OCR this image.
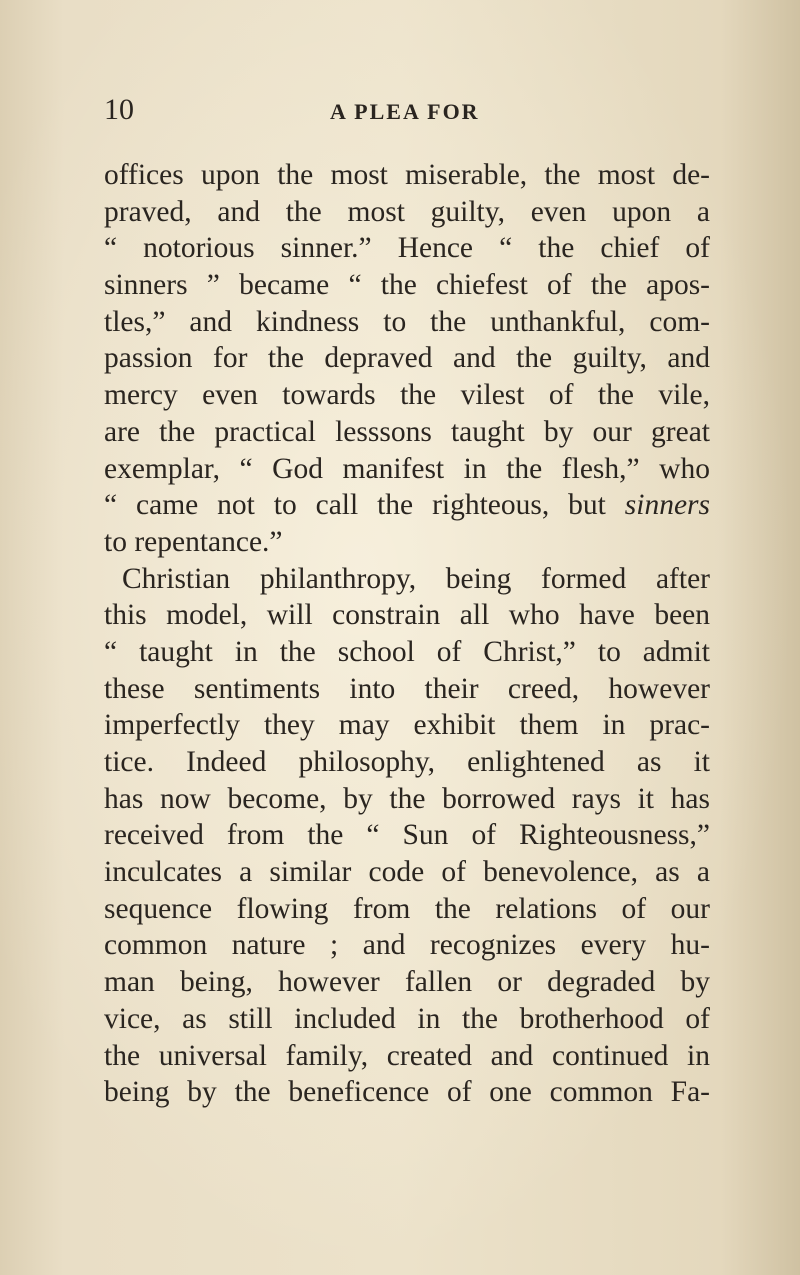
10	A PLEA FOR
offices upon the most miserable, the most de-
praved, and the most guilty, even upon a
“ notorious sinner.” Hence “ the chief of
sinners ” became “ the chiefest of the apos-
tles,” and kindness to the unthankful, com-
passion for the depraved and the guilty, and
mercy even towards the vilest of the vile,
are the practical lesssons taught by our great
exemplar, “ God manifest in the flesh,” who
“ came not to call the righteous, but sinners
to repentance.”
Christian philanthropy, being formed after
this model, will constrain all who have been
“ taught in the school of Christ,” to admit
these sentiments into their creed, however
imperfectly they may exhibit them in prac-
tice. Indeed philosophy, enlightened as it
has now become, by the borrowed rays it has
received from the “ Sun of Righteousness,”
inculcates a similar code of benevolence, as a
sequence flowing from the relations of our
common nature ; and recognizes every hu-
man being, however fallen or degraded by
vice, as still included in the brotherhood of
the universal family, created and continued in
being by the beneficence of one common Fa-
